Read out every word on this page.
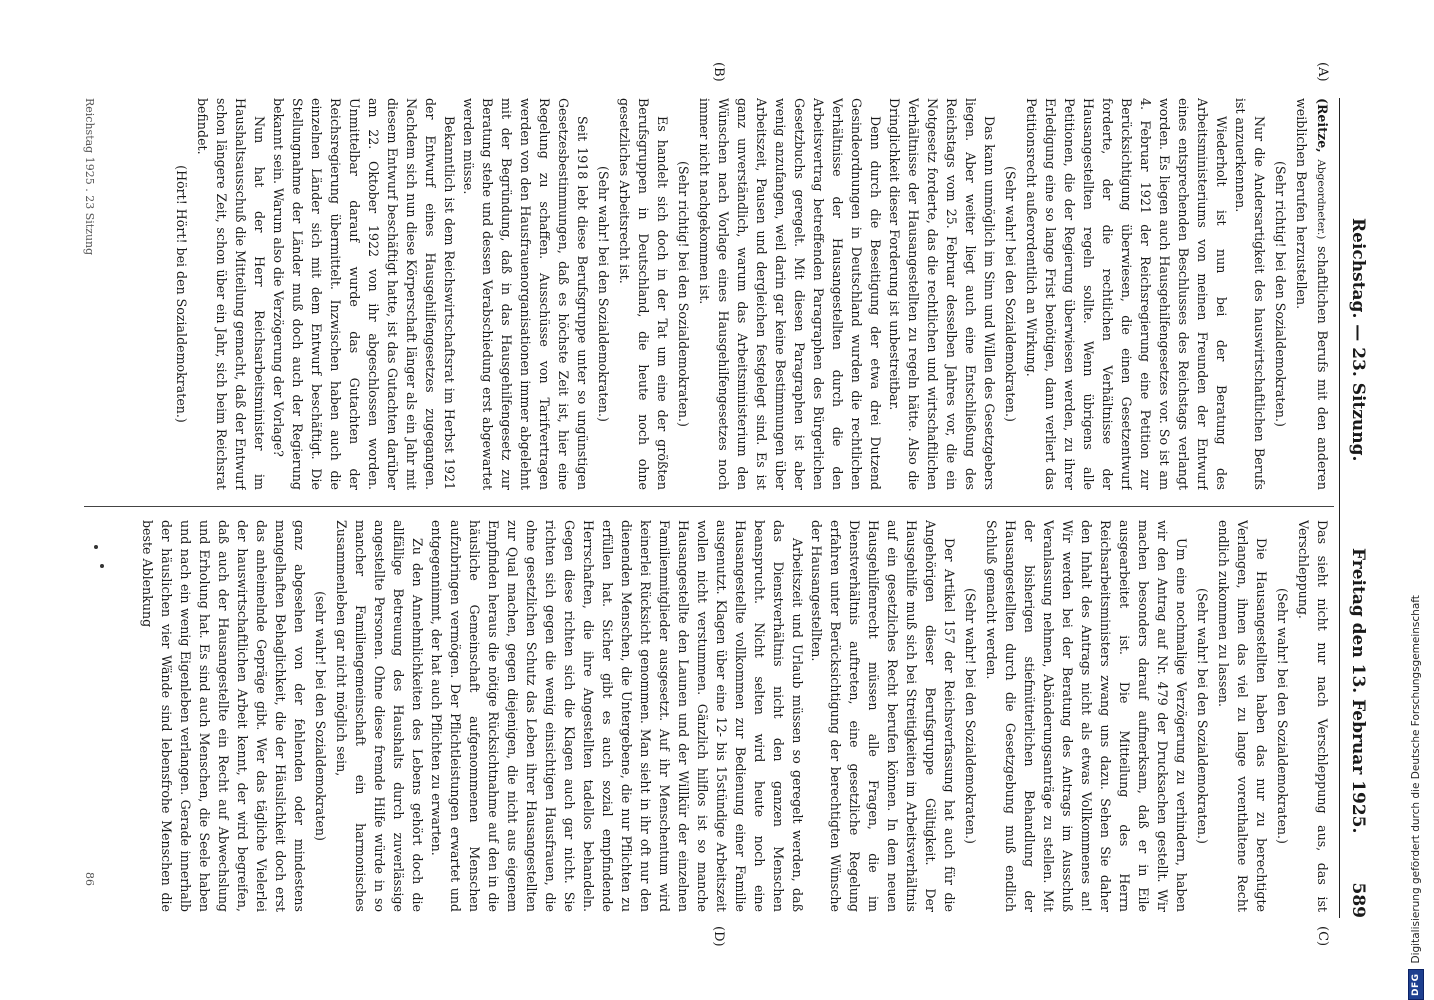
Reichstag. — 23. Sitzung.
Freitag den 13. Februar 1925.
589
(A)
(B)
(C)
(D)

(Reitze, Abgeordneter.) schaftlichen Berufs mit den anderen weiblichen Berufen herzustellen.

(Sehr richtig! bei den Sozialdemokraten.)

Nur die Andersartigkeit des hauswirtschaftlichen Berufs ist anzuerkennen.

Wiederholt ist nun bei der Beratung des Arbeitsministeriums von meinen Freunden der Entwurf eines entsprechenden Beschlusses des Reichstags verlangt worden. Es liegen auch Hausgehilfengesetzes vor. So ist am 4. Februar 1921 der Reichsregierung eine Petition zur Berücksichtigung überwiesen, die einen Gesetzentwurf forderte, der die rechtlichen Verhältnisse der Hausangestellten regeln sollte. Wenn übrigens alle Petitionen, die der Regierung überwiesen werden, zu ihrer Erledigung eine so lange Frist benötigen, dann verliert das Petitionsrecht außerordentlich an Wirkung.

(Sehr wahr! bei den Sozialdemokraten.)

Das kann unmöglich im Sinn und Willen des Gesetzgebers liegen. Aber weiter liegt auch eine Entschließung des Reichstags vom 25. Februar desselben Jahres vor, die ein Notgesetz forderte, das die rechtlichen und wirtschaftlichen Verhältnisse der Hausangestellten zu regeln hätte. Also die Dringlichkeit dieser Forderung ist unbestreitbar.

Denn durch die Beseitigung der etwa drei Dutzend Gesindeordnungen in Deutschland wurden die rechtlichen Verhältnisse der Hausangestellten durch die den Arbeitsvertrag betreffenden Paragraphen des Bürgerlichen Gesetzbuchs geregelt. Mit diesen Paragraphen ist aber wenig anzufangen, weil darin gar keine Bestimmungen über Arbeitszeit, Pausen und dergleichen festgelegt sind. Es ist ganz unverständlich, warum das Arbeitsministerium den Wünschen nach Vorlage eines Hausgehilfengesetzes noch immer nicht nachgekommen ist.

(Sehr richtig! bei den Sozialdemokraten.)

Es handelt sich doch in der Tat um eine der größten Berufsgruppen in Deutschland, die heute noch ohne gesetzliches Arbeitsrecht ist.

(Sehr wahr! bei den Sozialdemokraten.)

Seit 1918 lebt diese Berufsgruppe unter so ungünstigen Gesetzesbestimmungen, daß es höchste Zeit ist, hier eine Regelung zu schaffen. Ausschüsse von Tarifvertragen werden von den Hausfrauenorganisationen immer abgelehnt mit der Begründung, daß in das Hausgehilfengesetz zur Beratung stehe und dessen Verabschiedung erst abgewartet werden müsse.

Bekanntlich ist dem Reichswirtschaftsrat im Herbst 1921 der Entwurf eines Hausgehilfengesetzes zugegangen. Nachdem sich nun diese Körperschaft länger als ein Jahr mit diesem Entwurf beschäftigt hatte, ist das Gutachten darüber am 22. Oktober 1922 von ihr abgeschlossen worden. Unmittelbar darauf wurde das Gutachten der Reichsregierung übermittelt. Inzwischen haben auch die einzelnen Länder sich mit dem Entwurf beschäftigt. Die Stellungnahme der Länder muß doch auch der Regierung bekannt sein. Warum also die Verzögerung der Vorlage?

Nun hat der Herr Reichsarbeitsminister im Haushaltsausschuß die Mitteilung gemacht, daß der Entwurf schon längere Zeit, schon über ein Jahr, sich beim Reichsrat befindet.

(Hört! Hört! bei den Sozialdemokraten.)

Das sieht nicht nur nach Verschleppung aus, das ist Verschleppung.

(Sehr wahr! bei den Sozialdemokraten.)

Die Hausangestellten haben das nur zu berechtigte Verlangen, ihnen das viel zu lange vorenthaltene Recht endlich zukommen zu lassen.

(Sehr wahr! bei den Sozialdemokraten.)

Um eine nochmalige Verzögerung zu verhindern, haben wir den Antrag auf Nr. 479 der Drucksachen gestellt. Wir machen besonders darauf aufmerksam, daß er in Eile ausgearbeitet ist. Die Mitteilung des Herrn Reichsarbeitsministers zwang uns dazu. Sehen Sie daher den Inhalt des Antrags nicht als etwas Vollkommenes an! Wir werden bei der Beratung des Antrags im Ausschuß Veranlassung nehmen, Abänderungsanträge zu stellen. Mit der bisherigen stiefmütterlichen Behandlung der Hausangestellten durch die Gesetzgebung muß endlich Schluß gemacht werden.

(Sehr wahr! bei den Sozialdemokraten.)

Der Artikel 157 der Reichsverfassung hat auch für die Angehörigen dieser Berufsgruppe Gültigkeit. Der Hausgehilfe muß sich bei Streitigkeiten im Arbeitsverhältnis auf ein gesetzliches Recht berufen können. In dem neuen Hausgehilfenrecht müssen alle Fragen, die im Dienstverhältnis auftreten, eine gesetzliche Regelung erfahren unter Berücksichtigung der berechtigten Wünsche der Hausangestellten.

Arbeitszeit und Urlaub müssen so geregelt werden, daß das Dienstverhältnis nicht den ganzen Menschen beansprucht. Nicht selten wird heute noch eine Hausangestellte vollkommen zur Bedienung einer Familie ausgenutzt. Klagen über eine 12- bis 15stündige Arbeitszeit wollen nicht verstummen. Gänzlich hilflos ist so manche Hausangestellte den Launen und der Willkür der einzelnen Familienmitglieder ausgesetzt. Auf ihr Menschentum wird keinerlei Rücksicht genommen. Man sieht in ihr oft nur den dienenden Menschen, die Untergebene, die nur Pflichten zu erfüllen hat. Sicher gibt es auch sozial empfindende Herrschaften, die ihre Angestellten tadellos behandeln. Gegen diese richten sich die Klagen auch gar nicht. Sie richten sich gegen die wenig einsichtigen Hausfrauen, die ohne gesetzlichen Schutz das Leben ihrer Hausangestellten zur Qual machen, gegen diejenigen, die nicht aus eigenem Empfinden heraus die nötige Rücksichtnahme auf den in die häusliche Gemeinschaft aufgenommenen Menschen aufzubringen vermögen. Der Pflichtleistungen erwartet und entgegennimmt, der hat auch Pflichten zu erwarten.

Zu den Annehmlichkeiten des Lebens gehört doch die allfällige Betreuung des Haushalts durch zuverlässige angestellte Personen. Ohne diese fremde Hilfe würde in so mancher Familiengemeinschaft ein harmonisches Zusammenleben gar nicht möglich sein,

(sehr wahr! bei den Sozialdemokraten)

ganz abgesehen von der fehlenden oder mindestens mangelhaften Behaglichkeit, die der Häuslichkeit doch erst das anheimelnde Gepräge gibt. Wer das tägliche Vielerlei der hauswirtschaftlichen Arbeit kennt, der wird begreifen, daß auch der Hausangestellte ein Recht auf Abwechslung und Erholung hat. Es sind auch Menschen, die Seele haben und nach ein wenig Eigenleben verlangen. Gerade innerhalb der häuslichen vier Wände sind lebensfrohe Menschen die beste Ablenkung

Reichstag 1925 . 23 Sitzung
86
DFG
Digitalisierung gefördert durch die Deutsche Forschungsgemeinschaft
